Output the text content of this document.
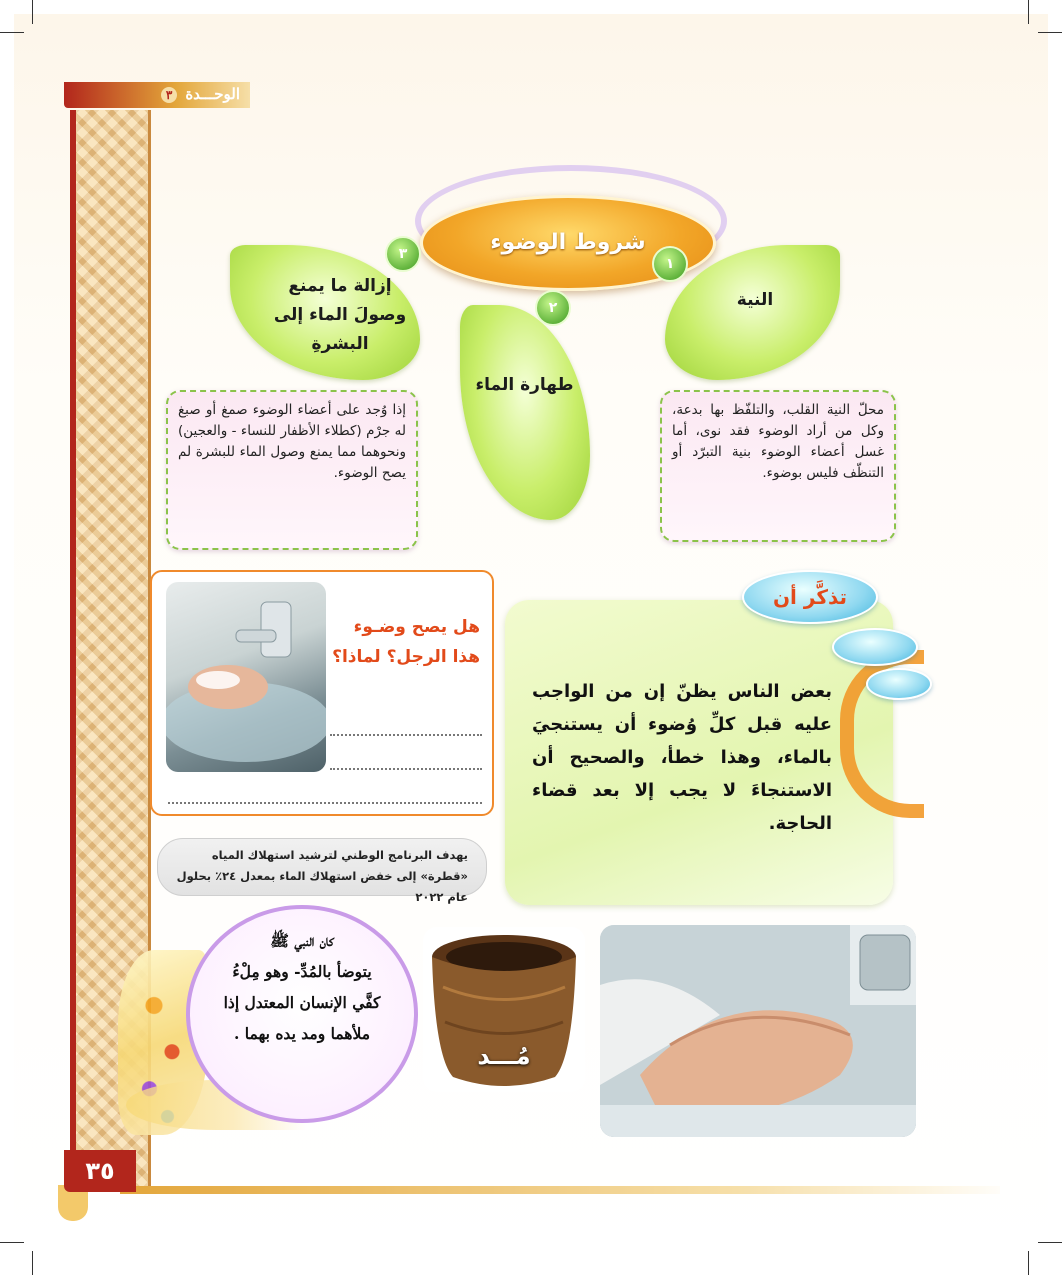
الوحـــدة ٣
شروط الوضوء
النية
١
طهارة الماء
٢
إزالة ما يمنع وصولَ الماء إلى البشرةِ
٣
محلّ النية القلب، والتلفّظ بها بدعة، وكل من أراد الوضوء فقد نوى، أما غسل أعضاء الوضوء بنية التبرّد أو التنظّف فليس بوضوء.
إذا وُجد على أعضاء الوضوء صمغ أو صبغ له جرْم (كطلاء الأظفار للنساء - والعجين) ونحوهما مما يمنع وصول الماء للبشرة لم يصح الوضوء.
هل يصح وضـوء هذا الرجل؟ لماذا؟
تذكَّر أن
بعض الناس يظنّ إن من الواجب عليه قبل كلِّ وُضوء أن يستنجيَ بالماء، وهذا خطأ، والصحيح أن الاستنجاءَ لا يجب إلا بعد قضاء الحاجة.
يهدف البرنامج الوطني لترشيد استهلاك المياه «قطرة» إلى خفض استهلاك الماء بمعدل ٢٤٪ بحلول عام ٢٠٢٢
كان النبي ﷺ
يتوضأ بالمُدِّ- وهو مِلْءُ
كفَّي الإنسان المعتدل إذا
ملأهما ومد يده بهما .
مُـــد
٣٥
